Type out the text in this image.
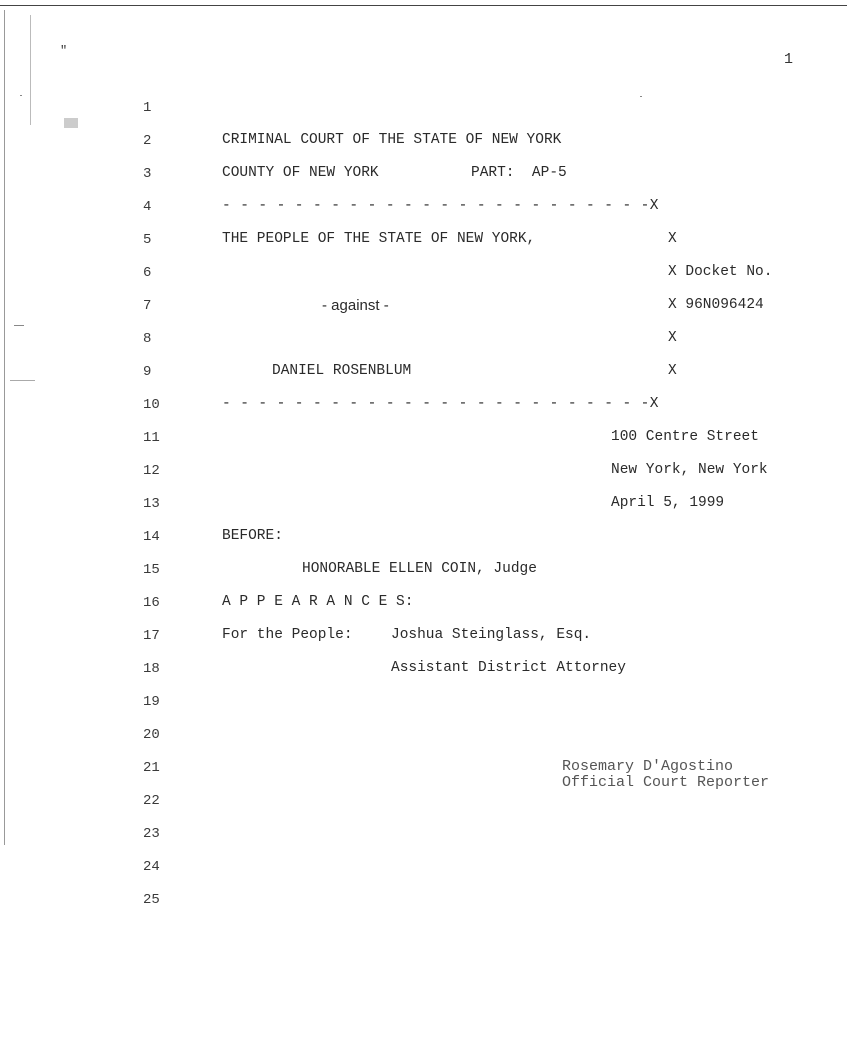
"	1
1
2
3
4
5
6
7
8
9
10
11
12
13
14
15
16
17
18
19
20
21
22
23
24
25
CRIMINAL COURT OF THE STATE OF NEW YORK
COUNTY OF NEW YORK	PART:  AP-5
- - - - - - - - - - - - - - - - - - - - - - - -X
THE PEOPLE OF THE STATE OF NEW YORK,	X
X Docket No.
- against -	X 96N096424
X
DANIEL ROSENBLUM	X
- - - - - - - - - - - - - - - - - - - - - - - -X
100 Centre Street
New York, New York
April 5, 1999
BEFORE:
HONORABLE ELLEN COIN, Judge
A P P E A R A N C E S:
For the People:	Joshua Steinglass, Esq.
Assistant District Attorney
Rosemary D'Agostino
Official Court Reporter
